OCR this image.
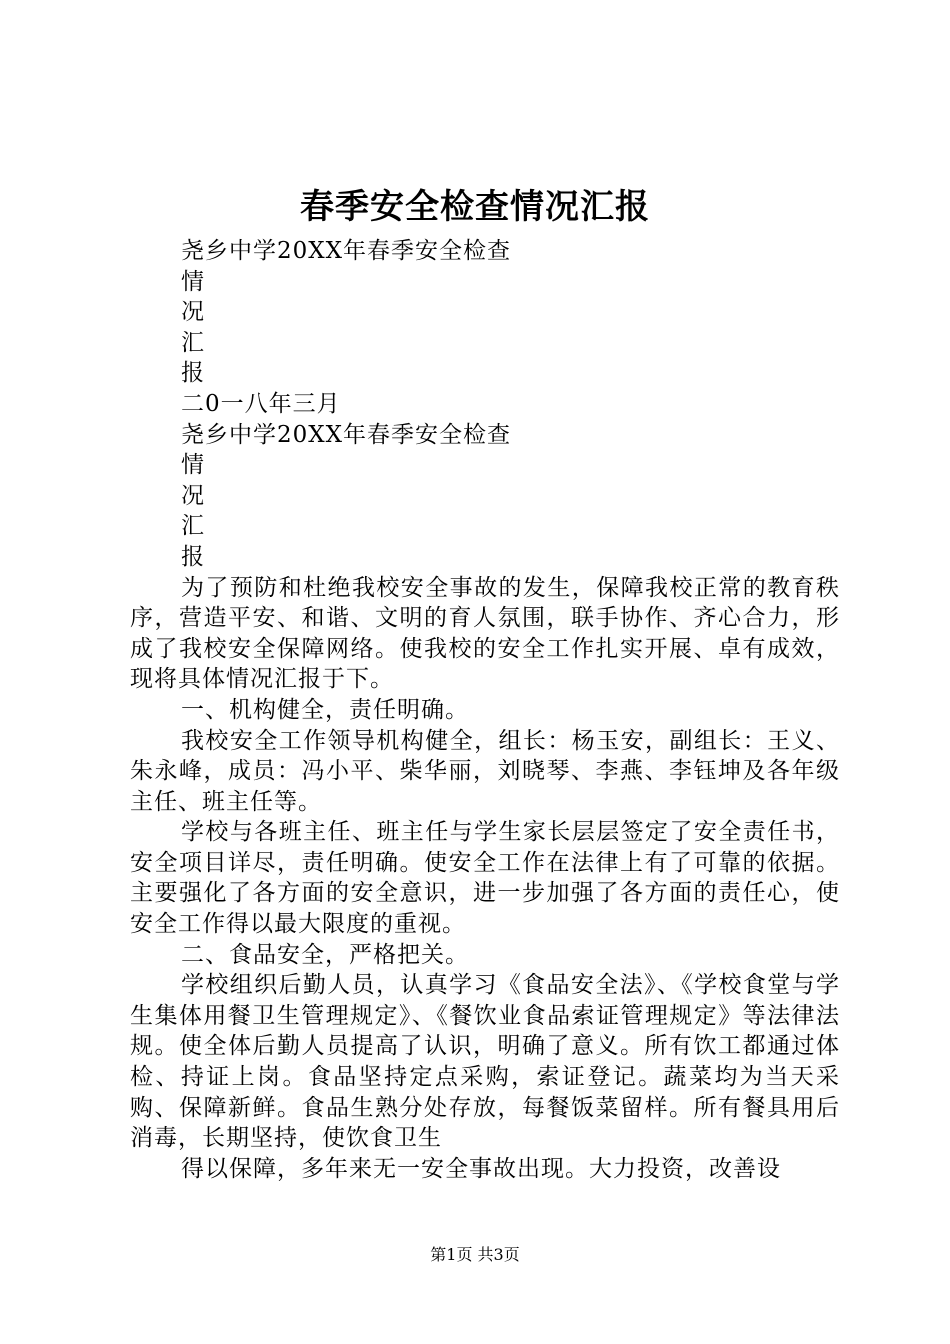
春季安全检查情况汇报
尧乡中学20XX年春季安全检查
情
况
汇
报
二0一八年三月
尧乡中学20XX年春季安全检查
情
况
汇
报

为了预防和杜绝我校安全事故的发生，保障我校正常的教育秩序，营造平安、和谐、文明的育人氛围，联手协作、齐心合力，形成了我校安全保障网络。使我校的安全工作扎实开展、卓有成效，现将具体情况汇报于下。

一、机构健全，责任明确。

我校安全工作领导机构健全，组长：杨玉安，副组长：王义、朱永峰，成员：冯小平、柴华丽，刘晓琴、李燕、李钰坤及各年级主任、班主任等。

学校与各班主任、班主任与学生家长层层签定了安全责任书，安全项目详尽，责任明确。使安全工作在法律上有了可靠的依据。主要强化了各方面的安全意识，进一步加强了各方面的责任心，使安全工作得以最大限度的重视。

二、食品安全，严格把关。

学校组织后勤人员，认真学习《食品安全法》、《学校食堂与学生集体用餐卫生管理规定》、《餐饮业食品索证管理规定》等法律法规。使全体后勤人员提高了认识，明确了意义。所有饮工都通过体检、持证上岗。食品坚持定点采购，索证登记。蔬菜均为当天采购、保障新鲜。食品生熟分处存放，每餐饭菜留样。所有餐具用后消毒，长期坚持，使饮食卫生

得以保障，多年来无一安全事故出现。大力投资，改善设

第1页 共3页
